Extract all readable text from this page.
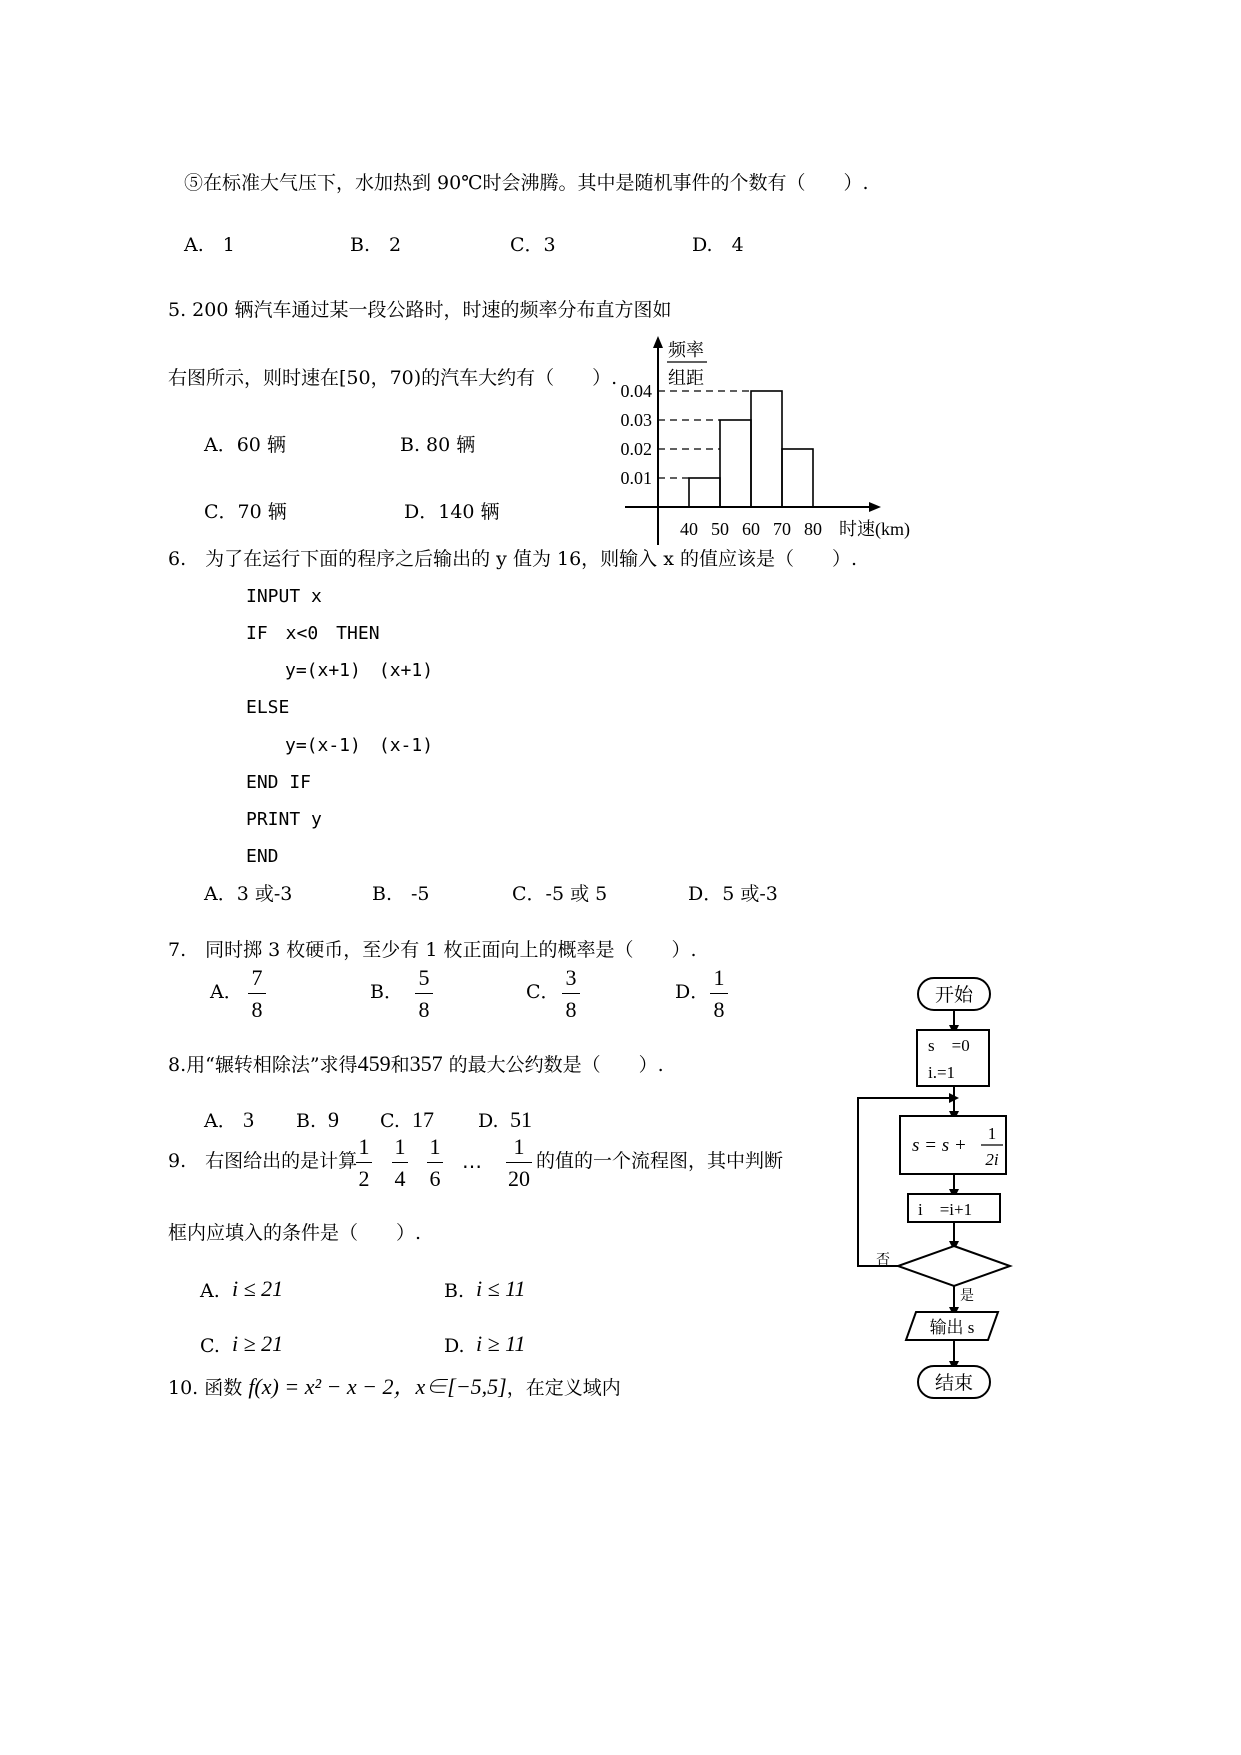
⑤在标准大气压下，水加热到 90℃时会沸腾。其中是随机事件的个数有（　　）.
A.　1	B.　2	C．3	D.　4
5. 200 辆汽车通过某一段公路时，时速的频率分布直方图如
右图所示，则时速在[50，70)的汽车大约有（　　）.
A．60 辆	B. 80 辆
C．70 辆	D．140 辆
频率
组距
0.01
0.02
0.03
0.04
40 50 60 70 80 时速(km)
6.　为了在运行下面的程序之后输出的 y 值为 16，则输入 x 的值应该是（　　）.
INPUT x
IF　x<0　THEN
y=(x+1)　(x+1)
ELSE
y=(x-1)　(x-1)
END IF
PRINT y
END
A．3 或-3	B.　-5	C．-5 或 5	D．5 或-3
7.　同时掷 3 枚硬币，至少有 1 枚正面向上的概率是（　　）.
A．
7
8
B．
5
8
C．
3
8
D．
1
8
8.用“辗转相除法”求得459和357 的最大公约数是（　　）.
A． 3 B. 9 C. 17 D. 51
9.　右图给出的是计算
1
2
1
4
1
6 ⋯
1
20
的值的一个流程图，其中判断
框内应填入的条件是（　　）.
A. i ≤ 21	B. i ≤ 11
C. i ≥ 21	D. i ≥ 11
10. 函数 f(x) = x² − x − 2，x∈[−5,5]，在定义域内
开始
s　=0
i.=1
s = s +
1
2i
i　=i+1
否
是
输出 s
结束
